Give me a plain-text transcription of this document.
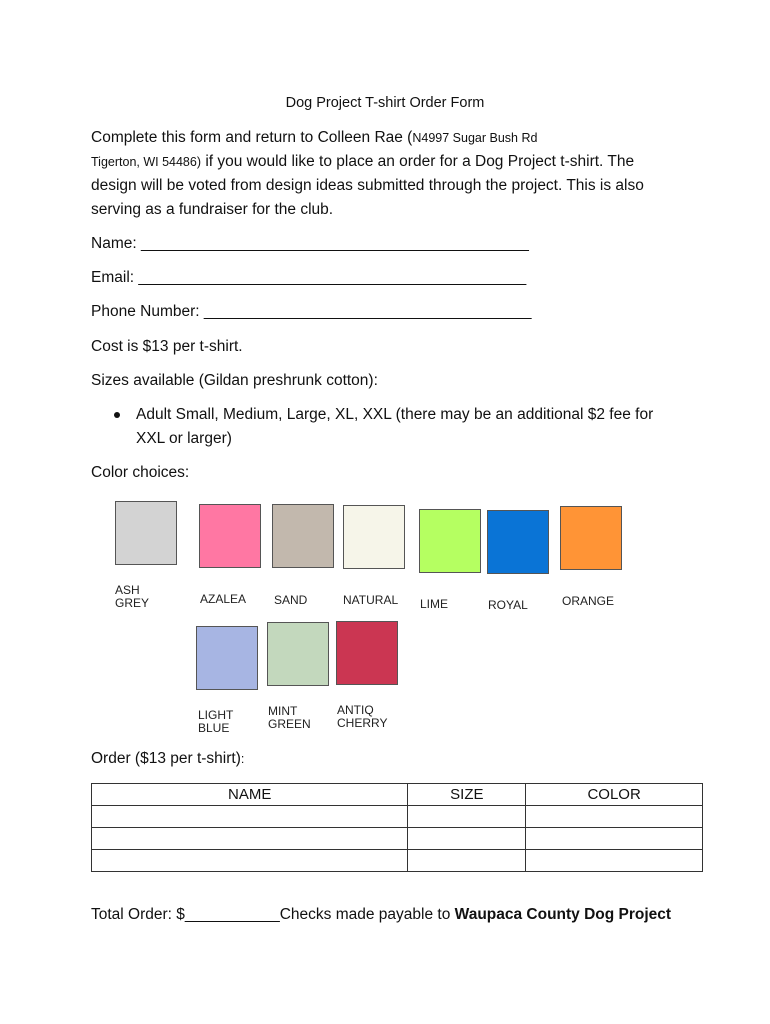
Dog Project T-shirt Order Form
Complete this form and return to Colleen Rae (N4997 Sugar Bush Rd
Tigerton, WI 54486) if you would like to place an order for a Dog Project t-shirt. The
design will be voted from design ideas submitted through the project. This is also
serving as a fundraiser for the club.
Name: _____________________________________________
Email: _____________________________________________
Phone Number: ______________________________________
Cost is $13 per t-shirt.
Sizes available (Gildan preshrunk cotton):
Adult Small, Medium, Large, XL, XXL (there may be an additional $2 fee for
XXL or larger)
Color choices:
ASH
GREY	AZALEA SAND	NATURAL LIME	ROYAL	ORANGE
LIGHT
BLUE
MINT
GREEN
ANTIQ
CHERRY
Order ($13 per t-shirt):
NAME	SIZE	COLOR

Total Order: $___________Checks made payable to Waupaca County Dog Project
